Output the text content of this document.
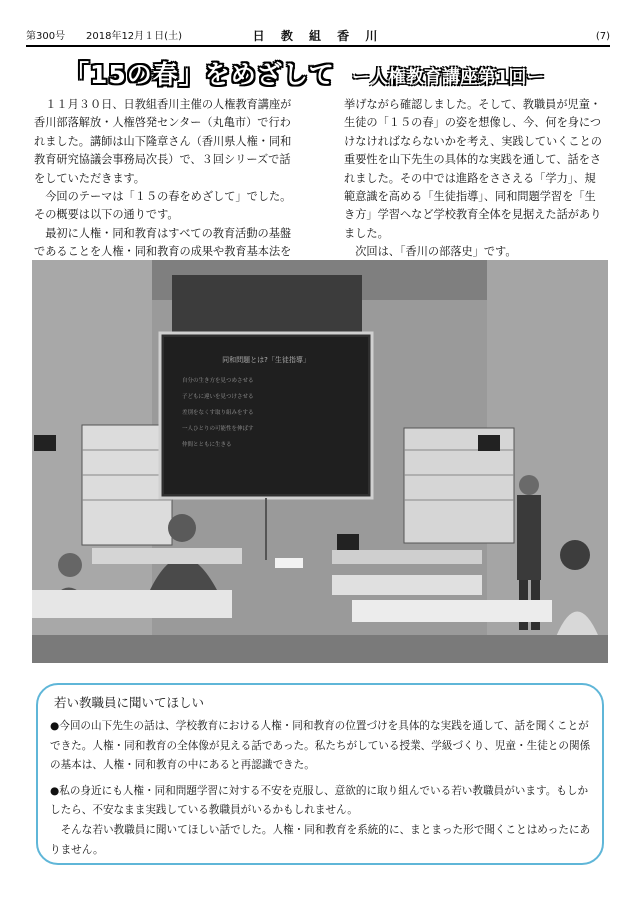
第300号 2018年12月１日(土)	日 教 組 香 川	(7)
「15の春」をめざして ー人権教育講座第1回ー

１１月３０日、日教組香川主催の人権教育講座が香川部落解放・人権啓発センター（丸亀市）で行われました。講師は山下隆章さん（香川県人権・同和教育研究協議会事務局次長）で、３回シリーズで話をしていただきます。

今回のテーマは「１５の春をめざして」でした。その概要は以下の通りです。

最初に人権・同和教育はすべての教育活動の基盤であることを人権・同和教育の成果や教育基本法を

挙げながら確認しました。そして、教職員が児童・生徒の「１５の春」の姿を想像し、今、何を身につけなければならないかを考え、実践していくことの重要性を山下先生の具体的な実践を通して、話をされました。その中では進路をささえる「学力」、規範意識を高める「生徒指導」、同和問題学習を「生き方」学習へなど学校教育全体を見据えた話がありました。

次回は、「香川の部落史」です。

同和問題とは?「生徒指導」
自分の生き方を見つめさせる
子どもに違いを見つけさせる
差別をなくす取り組みをする
一人ひとりの可能性を伸ばす
仲間とともに生きる
若い教職員に聞いてほしい

●今回の山下先生の話は、学校教育における人権・同和教育の位置づけを具体的な実践を通して、話を聞くことができた。人権・同和教育の全体像が見える話であった。私たちがしている授業、学級づくり、児童・生徒との関係の基本は、人権・同和教育の中にあると再認識できた。

●私の身近にも人権・同和問題学習に対する不安を克服し、意欲的に取り組んでいる若い教職員がいます。もしかしたら、不安なまま実践している教職員がいるかもしれません。

そんな若い教職員に聞いてほしい話でした。人権・同和教育を系統的に、まとまった形で聞くことはめったにありません。
